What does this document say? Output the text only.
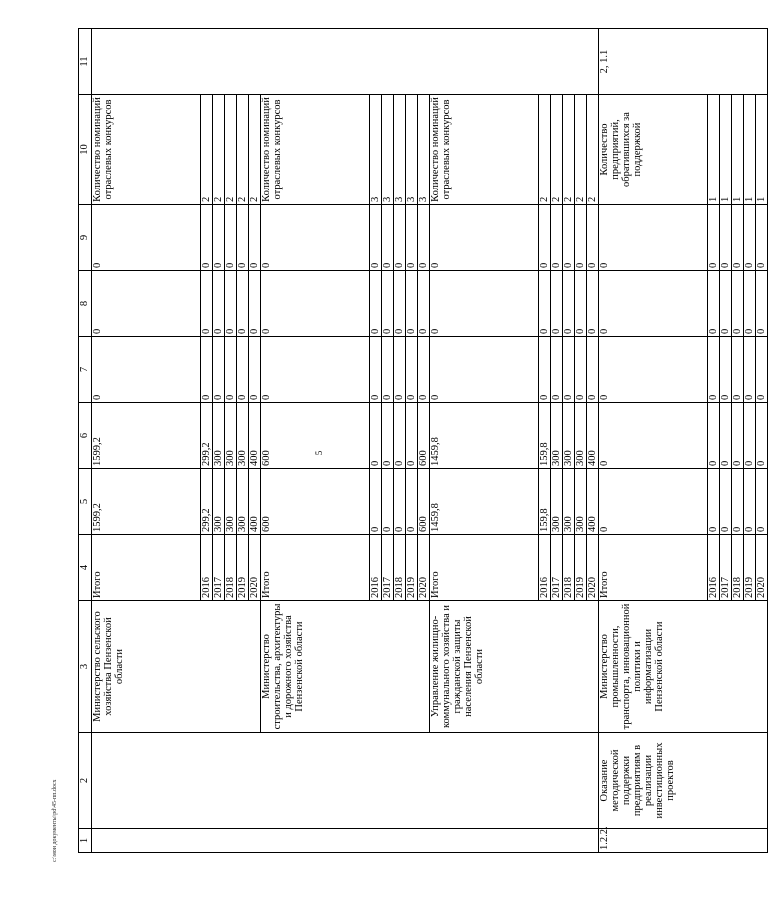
5
c:\мои документы\рd\45-пп.docx 1	2	3	4	5	6	7	8	9	10	11
		Министерство сельского хозяйства Пензенской области	Итого	1599,2	1599,2	0	0	0	Количество номинаций отраслевых конкурсов	
			2016	299,2	299,2	0	0	0	2	
			2017	300	300	0	0	0	2	
			2018	300	300	0	0	0	2	
			2019	300	300	0	0	0	2	
			2020	400	400	0	0	0	2	
		Министерство строительства, архитектуры и дорожного хозяйства Пензенской области	Итого	600	600	0	0	0	Количество номинаций отраслевых конкурсов	
			2016	0	0	0	0	0	3	
			2017	0	0	0	0	0	3	
			2018	0	0	0	0	0	3	
			2019	0	0	0	0	0	3	
			2020	600	600	0	0	0	3	
		Управление жилищно-коммунального хозяйства и гражданской защиты населения Пензенской области	Итого	1459,8	1459,8	0	0	0	Количество номинаций отраслевых конкурсов	
			2016	159,8	159,8	0	0	0	2	
			2017	300	300	0	0	0	2	
			2018	300	300	0	0	0	2	
			2019	300	300	0	0	0	2	
			2020	400	400	0	0	0	2	
1.2.2.	Оказание методической поддержки предприятиям в реализации инвестиционных проектов	Министерство промышленности, транспорта, инновационной политики и информатизации Пензенской области	Итого	0	0	0	0	0	Количество предприятий, обратившихся за поддержкой	2, 1.1
			2016	0	0	0	0	0	1	
			2017	0	0	0	0	0	1	
			2018	0	0	0	0	0	1	
			2019	0	0	0	0	0	1	
			2020	0	0	0	0	0	1	
